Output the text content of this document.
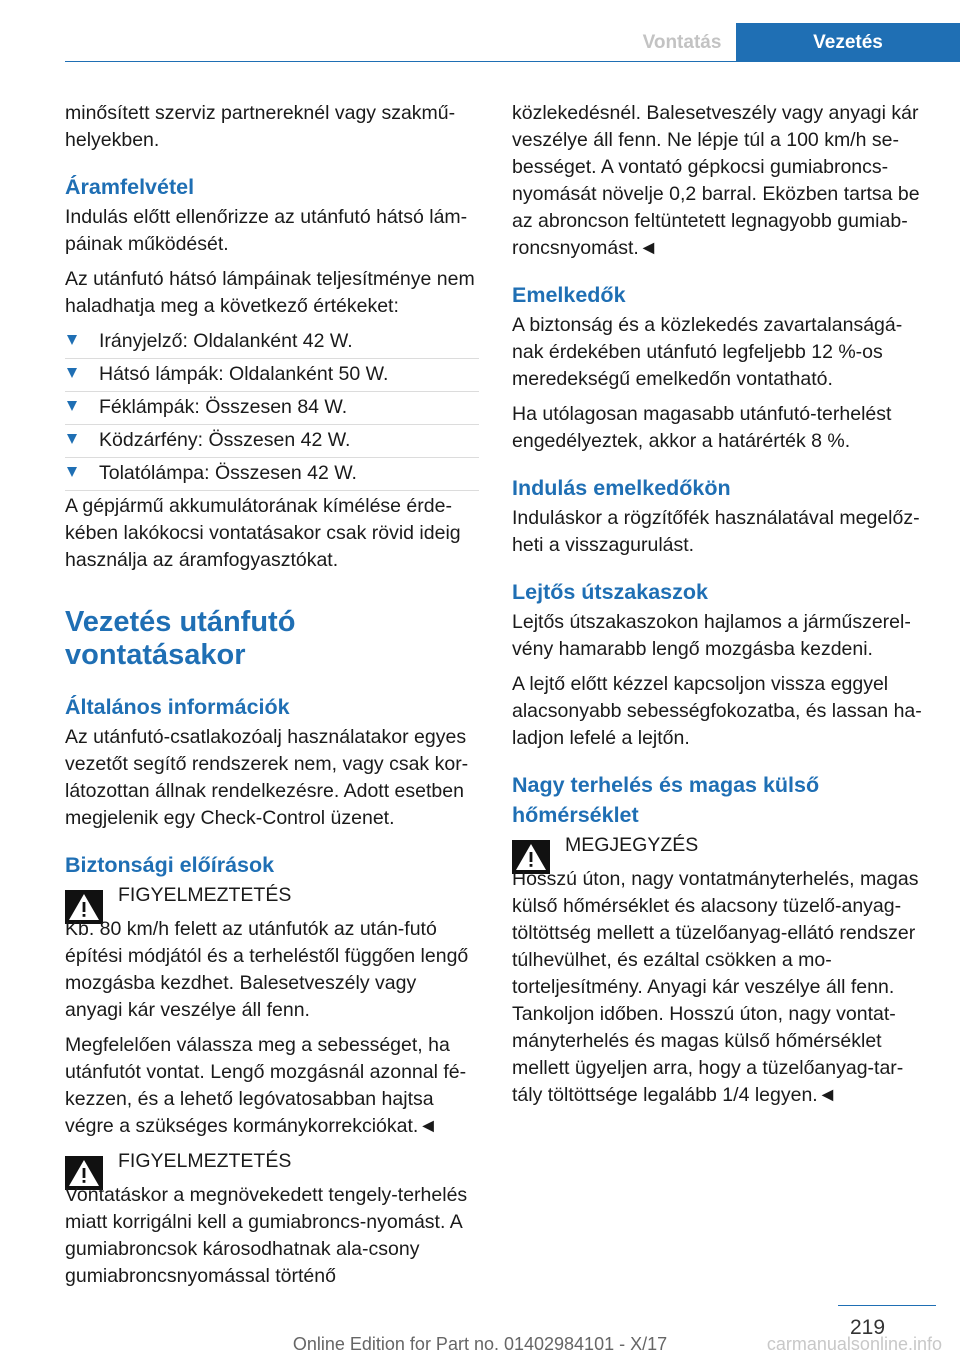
Vontatás	Vezetés

minősített szerviz partnereknél vagy szakmű-helyekben.

Áramfelvétel

Indulás előtt ellenőrizze az utánfutó hátsó lám-páinak működését.

Az utánfutó hátsó lámpáinak teljesítménye nem haladhatja meg a következő értékeket:

Irányjelző: Oldalanként 42 W.
Hátsó lámpák: Oldalanként 50 W.
Féklámpák: Összesen 84 W.
Ködzárfény: Összesen 42 W.
Tolatólámpa: Összesen 42 W.

A gépjármű akkumulátorának kímélése érde-kében lakókocsi vontatásakor csak rövid ideig használja az áramfogyasztókat.

Vezetés utánfutó vontatásakor
Általános információk

Az utánfutó-csatlakozóalj használatakor egyes vezetőt segítő rendszerek nem, vagy csak kor-látozottan állnak rendelkezésre. Adott esetben megjelenik egy Check-Control üzenet.

Biztonsági előírások

FIGYELMEZTETÉS

Kb. 80 km/h felett az utánfutók az után-futó építési módjától és a terheléstől függően lengő mozgásba kezdhet. Balesetveszély vagy anyagi kár veszélye áll fenn.

Megfelelően válassza meg a sebességet, ha utánfutót vontat. Lengő mozgásnál azonnal fé-kezzen, és a lehető legóvatosabban hajtsa végre a szükséges kormánykorrekciókat.◄

FIGYELMEZTETÉS

Vontatáskor a megnövekedett tengely-terhelés miatt korrigálni kell a gumiabroncs-nyomást. A gumiabroncsok károsodhatnak ala-csony gumiabroncsnyomással történő

közlekedésnél. Balesetveszély vagy anyagi kár veszélye áll fenn. Ne lépje túl a 100 km/h se-bességet. A vontató gépkocsi gumiabroncs-nyomását növelje 0,2 barral. Eközben tartsa be az abroncson feltüntetett legnagyobb gumiab-roncsnyomást.◄

Emelkedők

A biztonság és a közlekedés zavartalanságá-nak érdekében utánfutó legfeljebb 12 %-os meredekségű emelkedőn vontatható.

Ha utólagosan magasabb utánfutó-terhelést engedélyeztek, akkor a határérték 8 %.

Indulás emelkedőkön

Induláskor a rögzítőfék használatával megelőz-heti a visszagurulást.

Lejtős útszakaszok

Lejtős útszakaszokon hajlamos a járműszerel-vény hamarabb lengő mozgásba kezdeni.

A lejtő előtt kézzel kapcsoljon vissza eggyel alacsonyabb sebességfokozatba, és lassan ha-ladjon lefelé a lejtőn.

Nagy terhelés és magas külső hőmérséklet

MEGJEGYZÉS

Hosszú úton, nagy vontatmányterhelés, magas külső hőmérséklet és alacsony tüzelő-anyag-töltöttség mellett a tüzelőanyag-ellátó rendszer túlhevülhet, és ezáltal csökken a mo-torteljesítmény. Anyagi kár veszélye áll fenn. Tankoljon időben. Hosszú úton, nagy vontat-mányterhelés és magas külső hőmérséklet mellett ügyeljen arra, hogy a tüzelőanyag-tar-tály töltöttsége legalább 1/4 legyen.◄

219
Online Edition for Part no. 01402984101 - X/17	carmanualsonline.info
